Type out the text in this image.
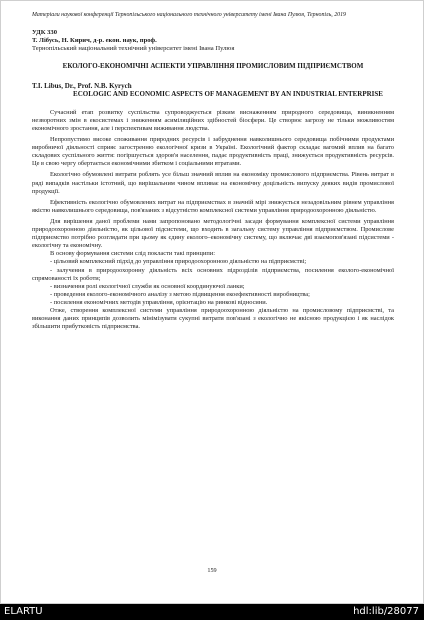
Матеріали наукової конференції Тернопільського національного технічного університету імені Івана Пулюя, Тернопіль, 2019

УДК 330

Т. Лібусь, Н. Кирич, д-р. екон. наук, проф.

Тернопільський національний технічний університет імені Івана Пулюя

ЕКОЛОГО-ЕКОНОМІЧНІ АСПЕКТИ УПРАВЛІННЯ ПРОМИСЛОВИМ ПІДПРИЄМСТВОМ

T.I. Libus, Dr., Prof. N.B. Kyrych
ECOLOGIC AND ECONOMIC ASPECTS OF MANAGEMENT BY AN INDUSTRIAL ENTERPRISE

Сучасний етап розвитку суспільства супроводжується різким виснаженням природного середовища, виникненням незворотних змін в екосистемах і зниженням асиміляційних здібностей біосфери. Це створює загрозу не тільки можливостям економічного зростання, але і перспективам виживання людства.

Непропустимо високе споживання природних ресурсів і забруднення навколишнього середовища побічними продуктами виробничої діяльності сприяє загостренню екологічної кризи в Україні. Екологічний фактор складає вагомий вплив на багато складових суспільного життя: погіршується здоров'я населення, падає продуктивність праці, знижується продуктивність ресурсів. Це в свою чергу обертається економічними збитком і соціальними втратами.

Екологічно обумовлені витрати роблять усе більш значний вплив на економіку промислового підприємства. Рівень витрат в ряді випадків настільки істотний, що вирішальним чином впливає на економічну доцільність випуску деяких видів промислової продукції.

Ефективність екологічно обумовлених витрат на підприємствах в значній мірі знижується незадовільним рівнем управління якістю навколишнього середовища, пов'язаних з відсутністю комплексної системи управління природоохоронною діяльністю.

Для вирішення даної проблеми нами запропоновано методологічні засади формування комплексної системи управління природоохоронною діяльністю, як цільової підсистеми, що входить в загальну систему управління підприємством. Промислове підприємство потрібно розглядати при цьому як єдину еколого–економічну систему, що включає дві взаємопов'язані підсистеми - екологічну та економічну.

В основу формування системи слід покласти такі принципи:

- цільовий комплексний підхід до управління природоохоронною діяльністю на підприємстві;

- залучення в природоохоронну діяльність всіх основних підрозділів підприємства, посилення еколого-економічної спрямованості їх роботи;

- визначення ролі екологічної служби як основної координуючої ланки;

- проведення еколого-економічного аналізу з метою підвищення екоефективності виробництва;

- посилення економічних методів управління, орієнтацію на ринкові відносини.

Отже, створення комплексної системи управління природоохоронною діяльністю на промисловому підприємстві, та виконання даних принципів дозволить мінімізувати сукупні витрати пов'язані з екологічно не якісною продукцією і як наслідок збільшити прибутковість підприємства.

159
ELARTU	hdl:lib/28077
